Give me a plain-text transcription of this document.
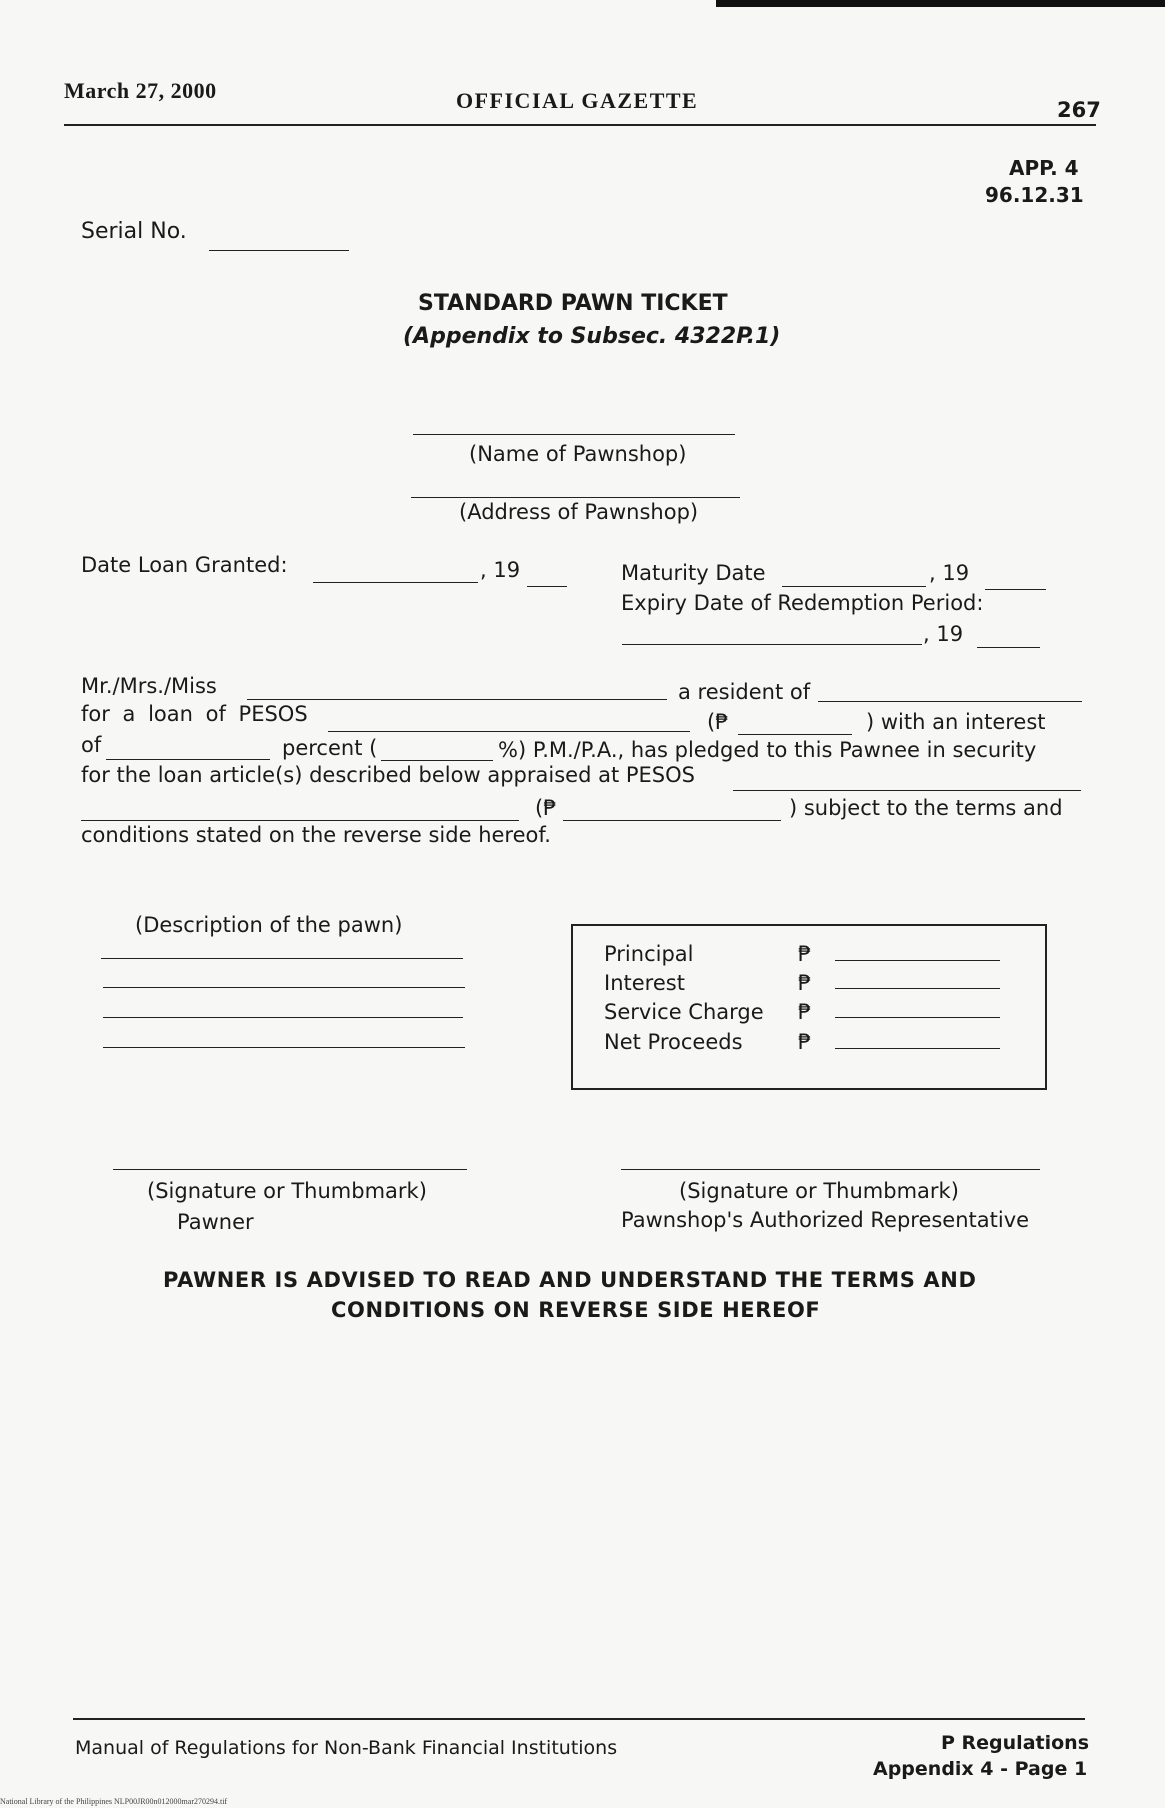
March 27, 2000	OFFICIAL GAZETTE	267
APP. 4
96.12.31
Serial No.
STANDARD PAWN TICKET
(Appendix to Subsec. 4322P.1)
(Name of Pawnshop)
(Address of Pawnshop)
Date Loan Granted:	, 19	Maturity Date	, 19
Expiry Date of Redemption Period:
, 19
Mr./Mrs./Miss	a resident of
for a loan of PESOS	(₱	) with an interest
of	percent (	%) P.M./P.A., has pledged to this Pawnee in security
for the loan article(s) described below appraised at PESOS
(₱	) subject to the terms and
conditions stated on the reverse side hereof.
(Description of the pawn)
Principal	₱
Interest	₱
Service Charge ₱
Net Proceeds	₱
(Signature or Thumbmark)
Pawner
(Signature or Thumbmark)
Pawnshop's Authorized Representative
PAWNER IS ADVISED TO READ AND UNDERSTAND THE TERMS AND
CONDITIONS ON REVERSE SIDE HEREOF
Manual of Regulations for Non-Bank Financial Institutions	P Regulations
Appendix 4 - Page 1
National Library of the Philippines NLP00JR00n012000mar270294.tif
